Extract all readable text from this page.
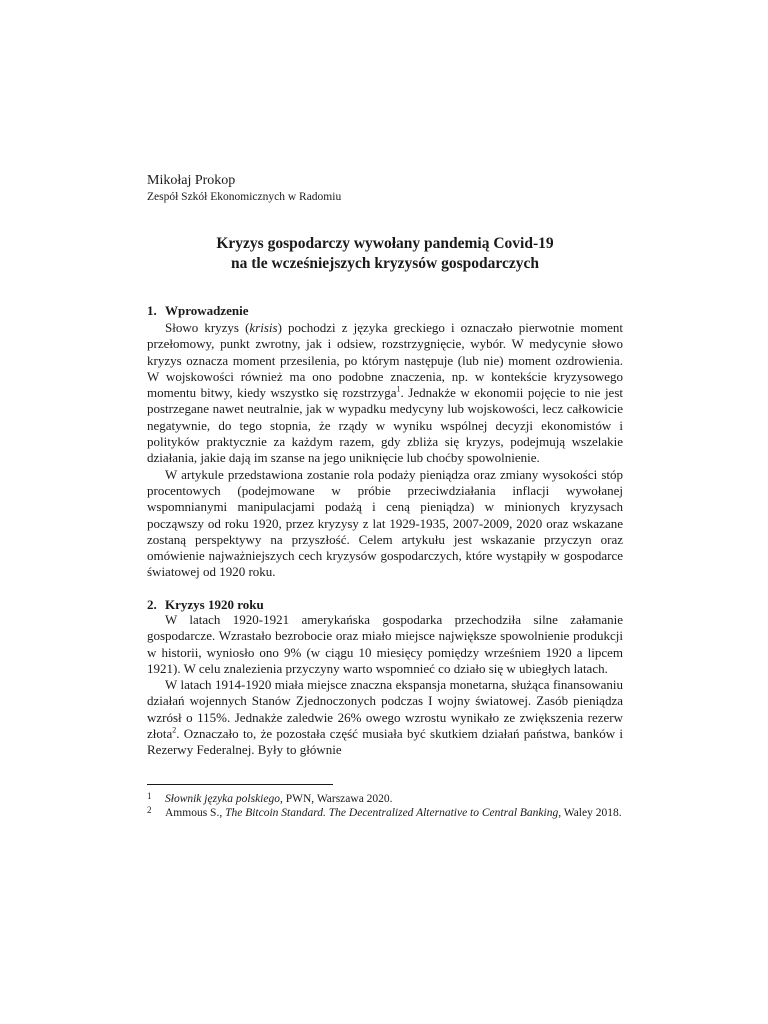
Mikołaj Prokop
Zespół Szkół Ekonomicznych w Radomiu
Kryzys gospodarczy wywołany pandemią Covid-19
na tle wcześniejszych kryzysów gospodarczych
1. Wprowadzenie

Słowo kryzys (krisis) pochodzi z języka greckiego i oznaczało pierwotnie moment przełomowy, punkt zwrotny, jak i odsiew, rozstrzygnięcie, wybór. W medycynie słowo kryzys oznacza moment przesilenia, po którym następuje (lub nie) moment ozdrowienia. W wojskowości również ma ono podobne znaczenia, np. w kontekście kryzysowego momentu bitwy, kiedy wszystko się rozstrzyga$^1$. Jednakże w ekonomii pojęcie to nie jest postrzegane nawet neutralnie, jak w wypadku medycyny lub wojskowości, lecz całkowicie negatywnie, do tego stopnia, że rządy w wyniku wspólnej decyzji ekonomistów i polityków praktycznie za każdym razem, gdy zbliża się kryzys, podejmują wszelakie działania, jakie dają im szanse na jego uniknięcie lub choćby spowolnienie.

W artykule przedstawiona zostanie rola podaży pieniądza oraz zmiany wysokości stóp procentowych (podejmowane w próbie przeciwdziałania inflacji wywołanej wspomnianymi manipulacjami podażą i ceną pieniądza) w minionych kryzysach począwszy od roku 1920, przez kryzysy z lat 1929-1935, 2007-2009, 2020 oraz wskazane zostaną perspektywy na przyszłość. Celem artykułu jest wskazanie przyczyn oraz omówienie najważniejszych cech kryzysów gospodarczych, które wystąpiły w gospodarce światowej od 1920 roku.

2. Kryzys 1920 roku

W latach 1920-1921 amerykańska gospodarka przechodziła silne załamanie gospodarcze. Wzrastało bezrobocie oraz miało miejsce największe spowolnienie produkcji w historii, wyniosło ono 9% (w ciągu 10 miesięcy pomiędzy wrześniem 1920 a lipcem 1921). W celu znalezienia przyczyny warto wspomnieć co działo się w ubiegłych latach.

W latach 1914-1920 miała miejsce znaczna ekspansja monetarna, służąca finansowaniu działań wojennych Stanów Zjednoczonych podczas I wojny światowej. Zasób pieniądza wzrósł o 115%. Jednakże zaledwie 26% owego wzrostu wynikało ze zwiększenia rezerw złota$^2$. Oznaczało to, że pozostała część musiała być skutkiem działań państwa, banków i Rezerwy Federalnej. Były to głównie

1 Słownik języka polskiego, PWN, Warszawa 2020.
2 Ammous S., The Bitcoin Standard. The Decentralized Alternative to Central Banking, Waley 2018.
